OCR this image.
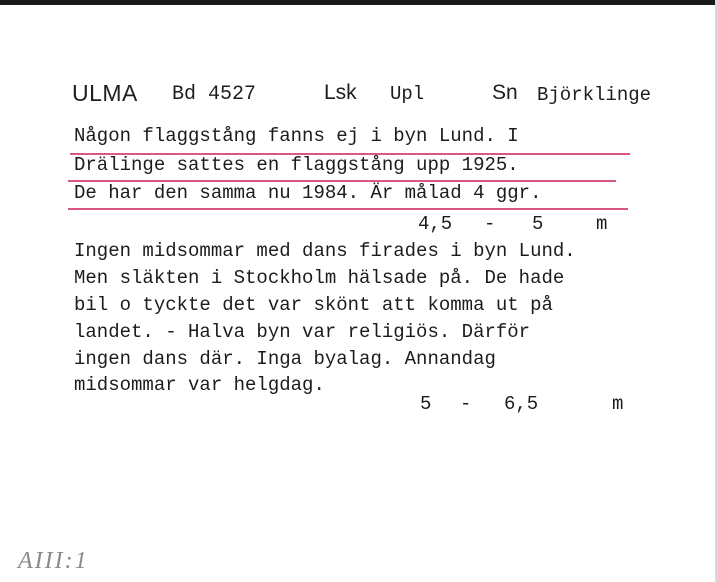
ULMA Bd 4527	Lsk Upl	Sn Björklinge
Någon flaggstång fanns ej i byn Lund. I
Drälinge sattes en flaggstång upp 1925.
De har den samma nu 1984. Är målad 4 ggr.
4,5 - 5	m
Ingen midsommar med dans firades i byn Lund.
Men släkten i Stockholm hälsade på. De hade
bil o tyckte det var skönt att komma ut på
landet. - Halva byn var religiös. Därför
ingen dans där. Inga byalag. Annandag
midsommar var helgdag.
5 - 6,5	m
AIII:1
